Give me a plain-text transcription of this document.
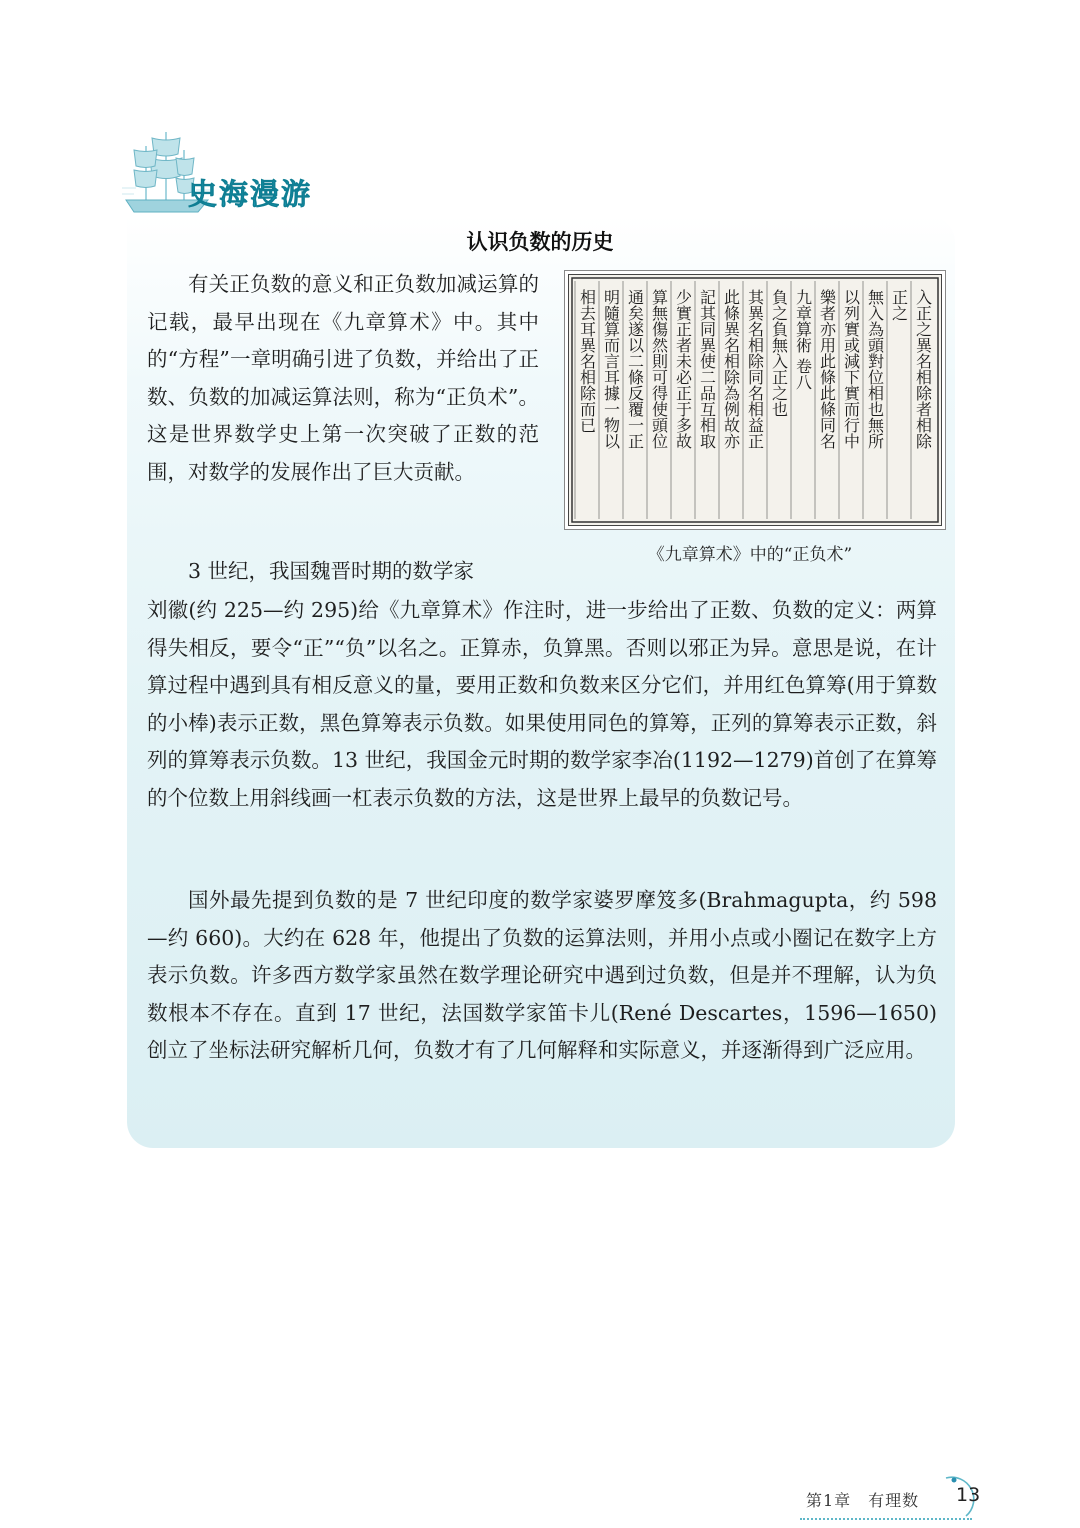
史海漫游
认识负数的历史
相去耳異名相除而已 明隨算而言耳據一物以 通矣遂以二條反覆一正 算無傷然則可得使頭位 少實正者未必正于多故 記其同異使二品互相取 此條異名相除為例故亦 其異名相除同名相益正 負之負無入正之也 九章算術 卷八 樂者亦用此條此條同名 以列實或減下實而行中 無入為頭對位相也無所 正之 入正之異名相除者相除
《九章算术》中的“正负术”

有关正负数的意义和正负数加减运算的记载，最早出现在《九章算术》中。其中的“方程”一章明确引进了负数，并给出了正数、负数的加减运算法则，称为“正负术”。这是世界数学史上第一次突破了正数的范围，对数学的发展作出了巨大贡献。

3 世纪，我国魏晋时期的数学家

刘徽(约 225—约 295)给《九章算术》作注时，进一步给出了正数、负数的定义：两算得失相反，要令“正”“负”以名之。正算赤，负算黑。否则以邪正为异。意思是说，在计算过程中遇到具有相反意义的量，要用正数和负数来区分它们，并用红色算筹(用于算数的小棒)表示正数，黑色算筹表示负数。如果使用同色的算筹，正列的算筹表示正数，斜列的算筹表示负数。13 世纪，我国金元时期的数学家李冶(1192—1279)首创了在算筹的个位数上用斜线画一杠表示负数的方法，这是世界上最早的负数记号。

国外最先提到负数的是 7 世纪印度的数学家婆罗摩笈多(Brahmagupta，约 598—约 660)。大约在 628 年，他提出了负数的运算法则，并用小点或小圈记在数字上方表示负数。许多西方数学家虽然在数学理论研究中遇到过负数，但是并不理解，认为负数根本不存在。直到 17 世纪，法国数学家笛卡儿(René Descartes，1596—1650)创立了坐标法研究解析几何，负数才有了几何解释和实际意义，并逐渐得到广泛应用。

第1章　有理数 13
